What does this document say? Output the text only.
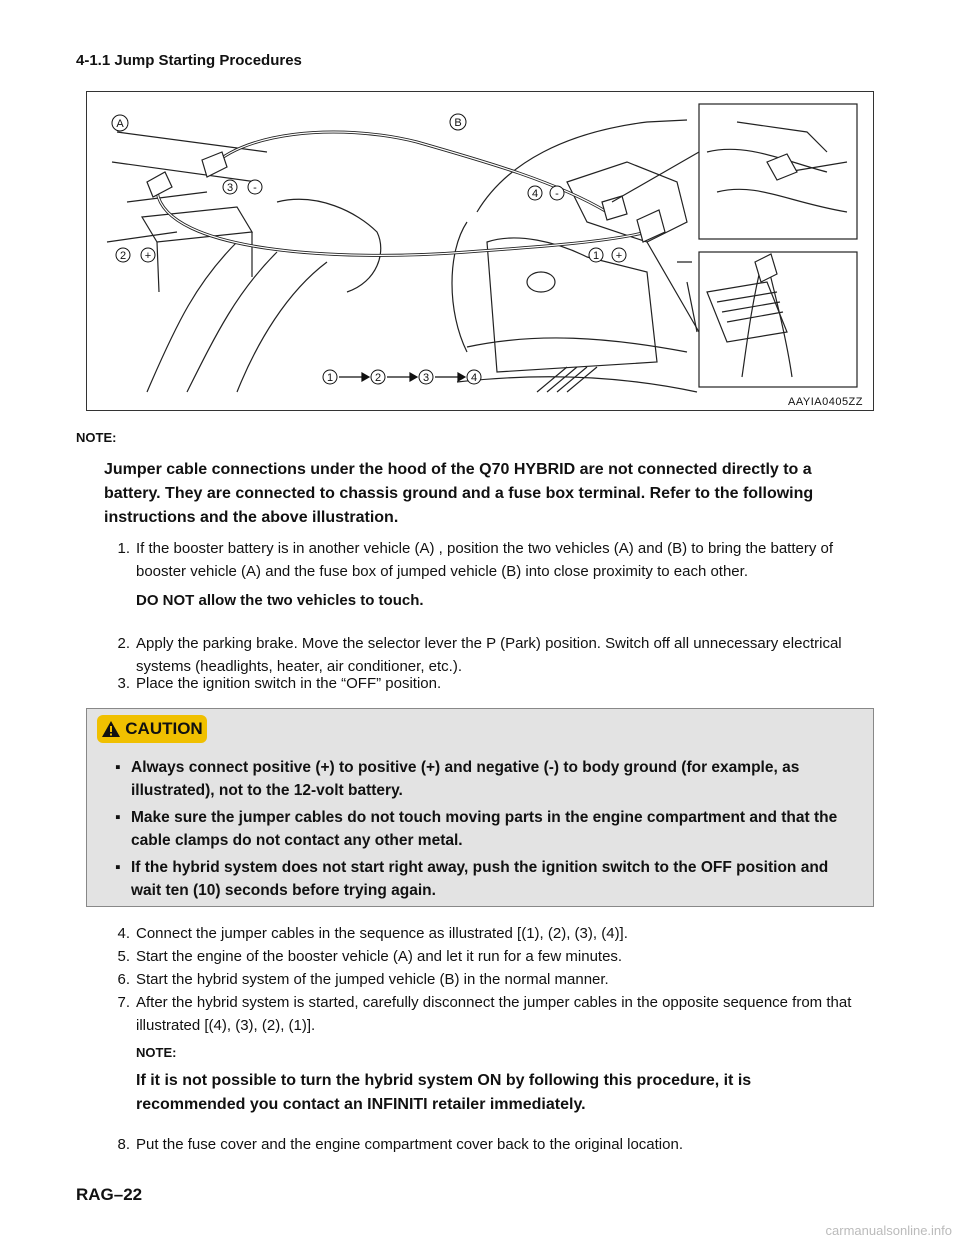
4-1.1 Jump Starting Procedures
A	B
3 -
2 +
4 -
1 +
1	2	3	4
AAYIA0405ZZ
NOTE:
Jumper cable connections under the hood of the Q70 HYBRID are not connected directly to a battery. They are connected to chassis ground and a fuse box terminal. Refer to the following instructions and the above illustration.
1. If the booster battery is in another vehicle (A) , position the two vehicles (A) and (B) to bring the battery of booster vehicle (A) and the fuse box of jumped vehicle (B) into close proximity to each other.
DO NOT allow the two vehicles to touch.
2. Apply the parking brake. Move the selector lever the P (Park) position. Switch off all unnecessary electrical systems (headlights, heater, air conditioner, etc.).
3. Place the ignition switch in the “OFF” position.
CAUTION
▪ Always connect positive (+) to positive (+) and negative (-) to body ground (for example, as illustrated), not to the 12-volt battery.
▪ Make sure the jumper cables do not touch moving parts in the engine compartment and that the cable clamps do not contact any other metal.
▪ If the hybrid system does not start right away, push the ignition switch to the OFF position and wait ten (10) seconds before trying again.
4. Connect the jumper cables in the sequence as illustrated [(1), (2), (3), (4)].
5. Start the engine of the booster vehicle (A) and let it run for a few minutes.
6. Start the hybrid system of the jumped vehicle (B) in the normal manner.
7. After the hybrid system is started, carefully disconnect the jumper cables in the opposite sequence from that illustrated [(4), (3), (2), (1)].
NOTE:
If it is not possible to turn the hybrid system ON by following this procedure, it is recommended you contact an INFINITI retailer immediately.
8. Put the fuse cover and the engine compartment cover back to the original location.
RAG–22
carmanualsonline.info
